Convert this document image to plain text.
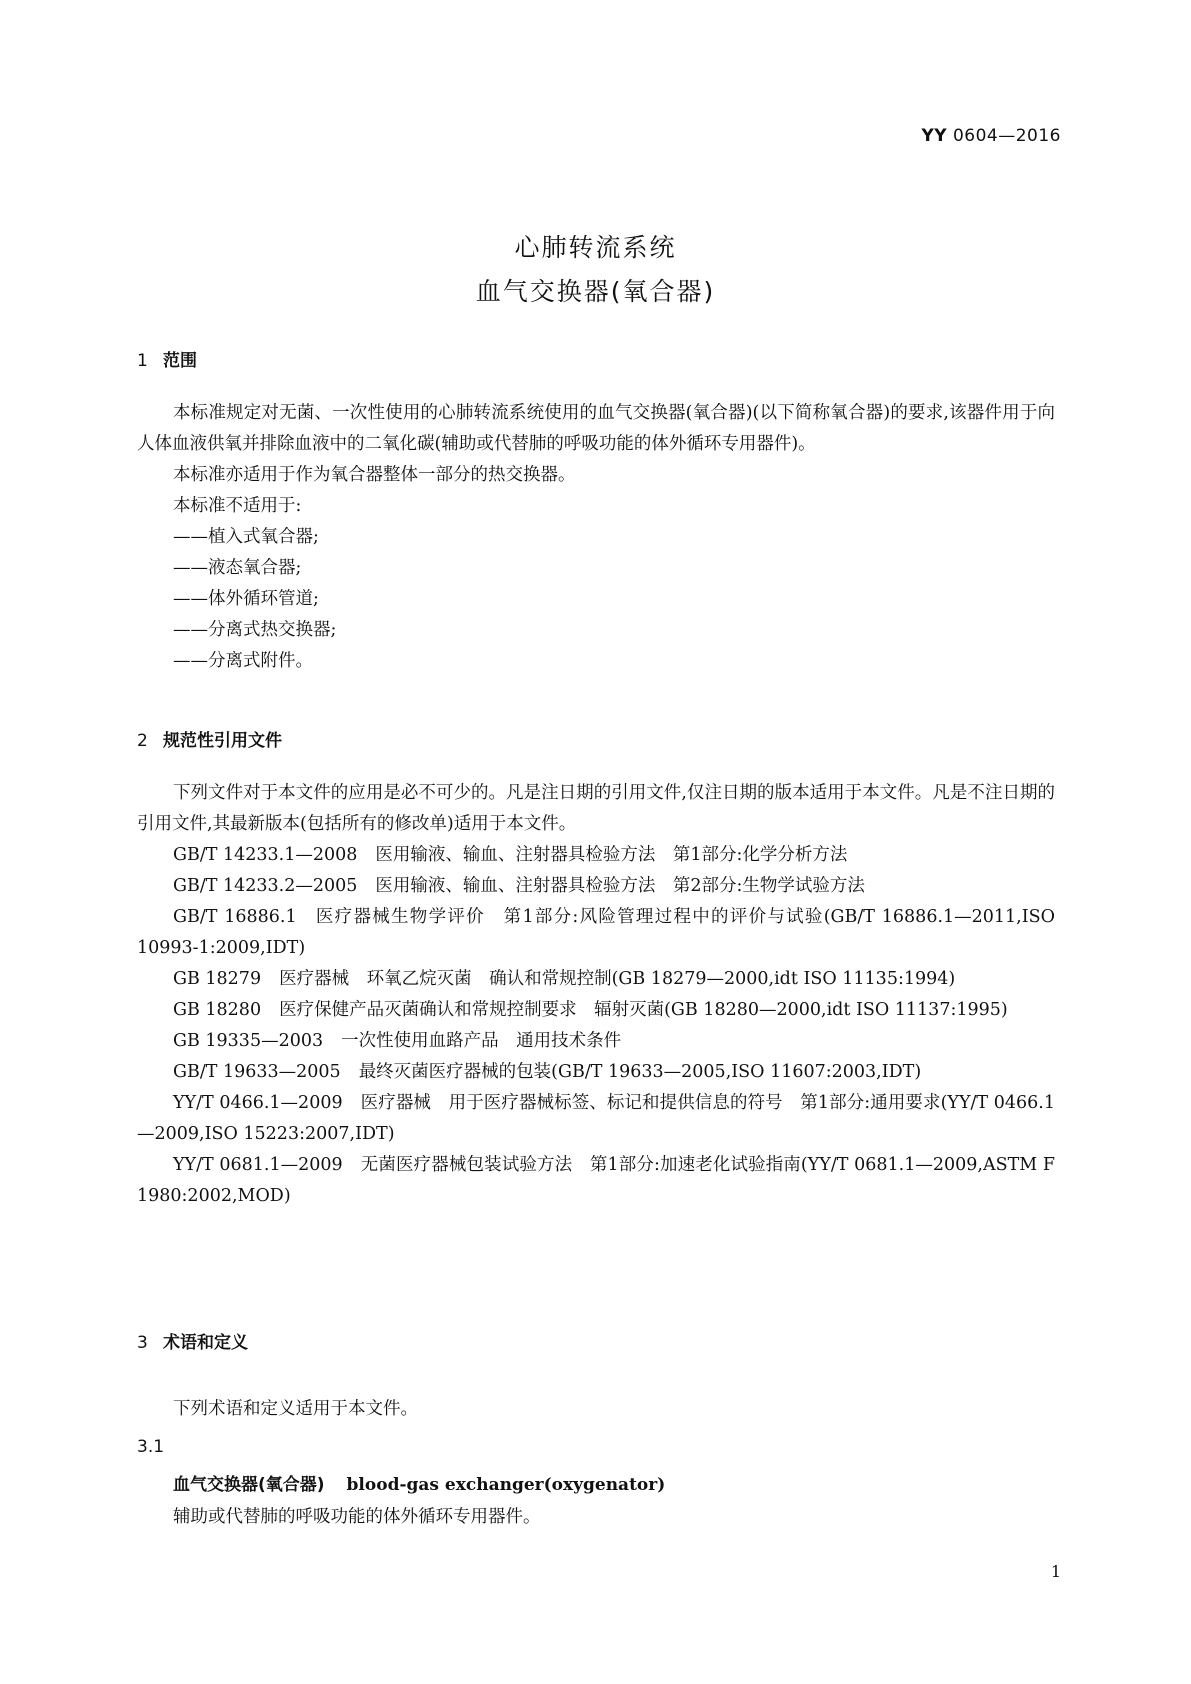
YY 0604—2016
心肺转流系统
血气交换器(氧合器)
1 范围

本标准规定对无菌、一次性使用的心肺转流系统使用的血气交换器(氧合器)(以下简称氧合器)的要求,该器件用于向人体血液供氧并排除血液中的二氧化碳(辅助或代替肺的呼吸功能的体外循环专用器件)。

本标准亦适用于作为氧合器整体一部分的热交换器。

本标准不适用于:

——植入式氧合器;

——液态氧合器;

——体外循环管道;

——分离式热交换器;

——分离式附件。

2 规范性引用文件

下列文件对于本文件的应用是必不可少的。凡是注日期的引用文件,仅注日期的版本适用于本文件。凡是不注日期的引用文件,其最新版本(包括所有的修改单)适用于本文件。

GB/T 14233.1—2008 医用输液、输血、注射器具检验方法　第1部分:化学分析方法

GB/T 14233.2—2005 医用输液、输血、注射器具检验方法　第2部分:生物学试验方法

GB/T 16886.1 医疗器械生物学评价　第1部分:风险管理过程中的评价与试验(GB/T 16886.1—2011,ISO 10993-1:2009,IDT)

GB 18279 医疗器械　环氧乙烷灭菌　确认和常规控制(GB 18279—2000,idt ISO 11135:1994)

GB 18280 医疗保健产品灭菌确认和常规控制要求　辐射灭菌(GB 18280—2000,idt ISO 11137:1995)

GB 19335—2003 一次性使用血路产品　通用技术条件

GB/T 19633—2005 最终灭菌医疗器械的包装(GB/T 19633—2005,ISO 11607:2003,IDT)

YY/T 0466.1—2009 医疗器械　用于医疗器械标签、标记和提供信息的符号　第1部分:通用要求(YY/T 0466.1—2009,ISO 15223:2007,IDT)

YY/T 0681.1—2009 无菌医疗器械包装试验方法　第1部分:加速老化试验指南(YY/T 0681.1—2009,ASTM F 1980:2002,MOD)

3 术语和定义

下列术语和定义适用于本文件。

3.1
血气交换器(氧合器) blood-gas exchanger(oxygenator)
辅助或代替肺的呼吸功能的体外循环专用器件。
1
